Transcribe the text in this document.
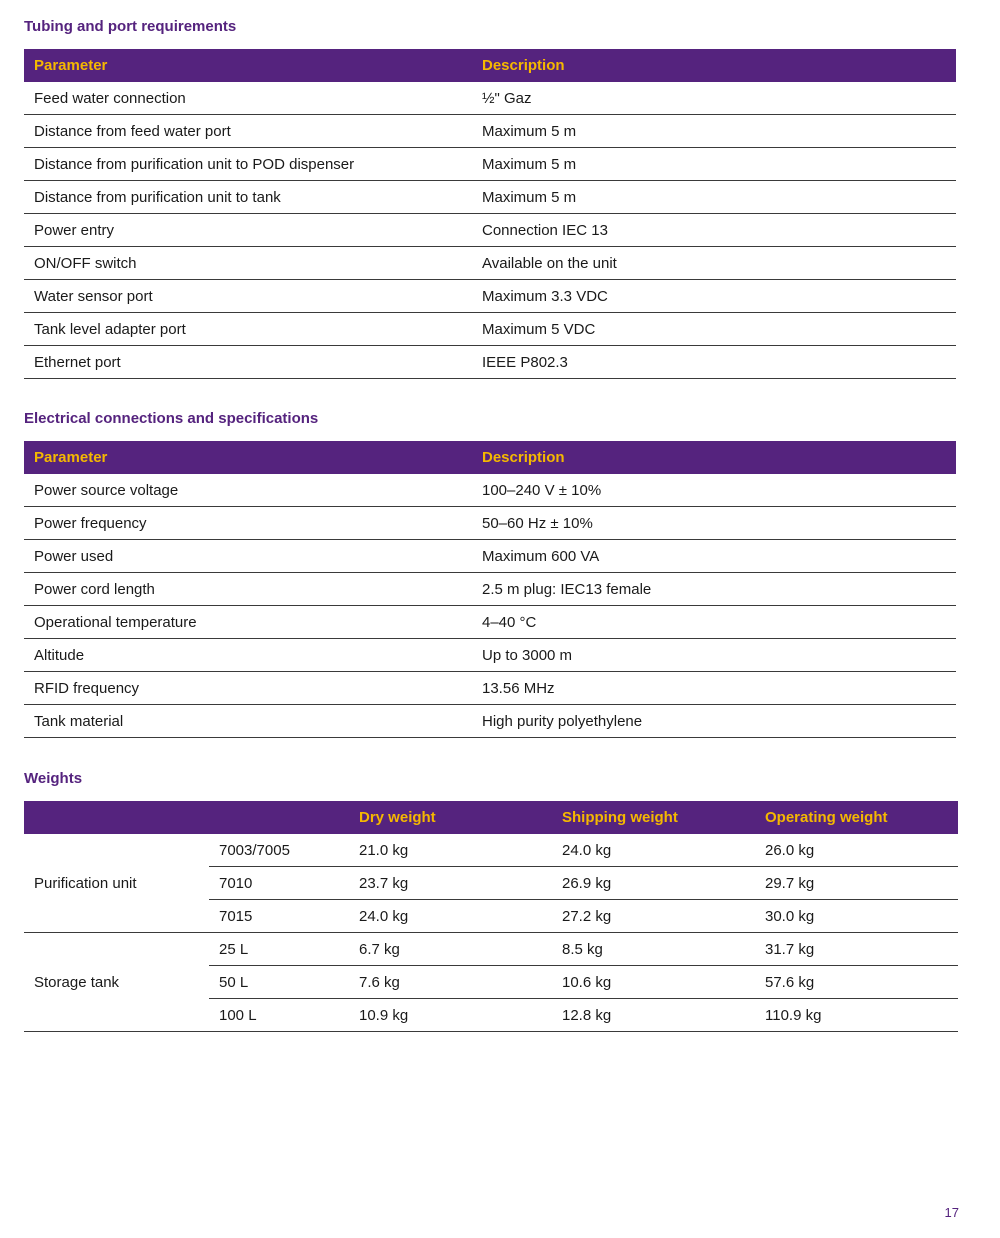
Tubing and port requirements
Parameter	Description
Feed water connection	½" Gaz
Distance from feed water port	Maximum 5 m
Distance from purification unit to POD dispenser	Maximum 5 m
Distance from purification unit to tank	Maximum 5 m
Power entry	Connection IEC 13
ON/OFF switch	Available on the unit
Water sensor port	Maximum 3.3 VDC
Tank level adapter port	Maximum 5 VDC
Ethernet port	IEEE P802.3
Electrical connections and specifications
Parameter	Description
Power source voltage	100–240 V ± 10%
Power frequency	50–60 Hz ± 10%
Power used	Maximum 600 VA
Power cord length	2.5 m plug: IEC13 female
Operational temperature	4–40 °C
Altitude	Up to 3000 m
RFID frequency	13.56 MHz
Tank material	High purity polyethylene
Weights
		Dry weight	Shipping weight	Operating weight
Purification unit	7003/7005	21.0 kg	24.0 kg	26.0 kg
	7010	23.7 kg	26.9 kg	29.7 kg
	7015	24.0 kg	27.2 kg	30.0 kg
Storage tank	25 L	6.7 kg	8.5 kg	31.7 kg
	50 L	7.6 kg	10.6 kg	57.6 kg
	100 L	10.9 kg	12.8 kg	110.9 kg
17
